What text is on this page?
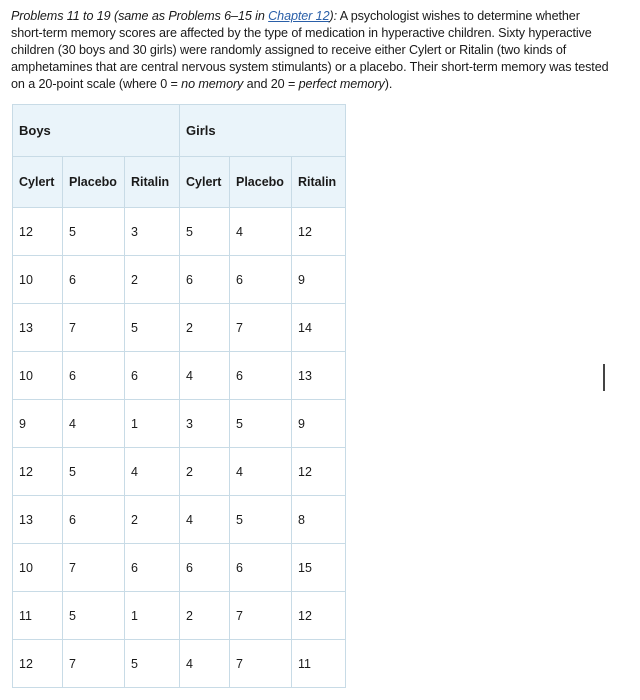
Problems 11 to 19 (same as Problems 6–15 in Chapter 12): A psychologist wishes to determine whether short-term memory scores are affected by the type of medication in hyperactive children. Sixty hyperactive children (30 boys and 30 girls) were randomly assigned to receive either Cylert or Ritalin (two kinds of amphetamines that are central nervous system stimulants) or a placebo. Their short-term memory was tested on a 20-point scale (where 0 = no memory and 20 = perfect memory).
Boys			Girls		
Cylert	Placebo	Ritalin	Cylert	Placebo	Ritalin
12	5	3	5	4	12
10	6	2	6	6	9
13	7	5	2	7	14
10	6	6	4	6	13
9	4	1	3	5	9
12	5	4	2	4	12
13	6	2	4	5	8
10	7	6	6	6	15
11	5	1	2	7	12
12	7	5	4	7	11
